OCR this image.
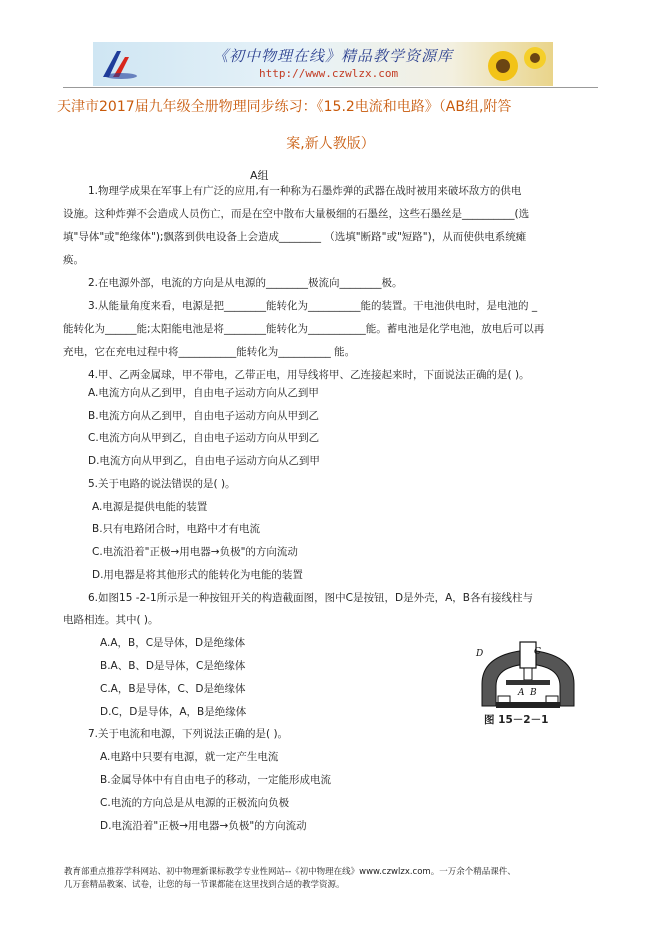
《初中物理在线》精品教学资源库
http://www.czwlzx.com
天津市2017届九年级全册物理同步练习：《15.2电流和电路》（AB组,附答
案,新人教版）
A组
1.物理学成果在军事上有广泛的应用,有一种称为石墨炸弹的武器在战时被用来破坏敌方的供电
设施。这种炸弹不会造成人员伤亡，而是在空中散布大量极细的石墨丝，这些石墨丝是__________(选
填"导体"或"绝缘体");飘落到供电设备上会造成________ （选填"断路"或"短路")，从而使供电系统瘫
痪。
2.在电源外部，电流的方向是从电源的________极流向________极。
3.从能量角度来看，电源是把________能转化为__________能的装置。干电池供电时，是电池的 _
能转化为______能;太阳能电池是将________能转化为___________能。蓄电池是化学电池，放电后可以再
充电，它在充电过程中将___________能转化为__________ 能。
4.甲、乙两金属球，甲不带电，乙带正电，用导线将甲、乙连接起来时，下面说法正确的是( )。
A.电流方向从乙到甲，自由电子运动方向从乙到甲
B.电流方向从乙到甲，自由电子运动方向从甲到乙
C.电流方向从甲到乙，自由电子运动方向从甲到乙
D.电流方向从甲到乙，自由电子运动方向从乙到甲
5.关于电路的说法错误的是( )。
A.电源是提供电能的装置
B.只有电路闭合时，电路中才有电流
C.电流沿着"正极→用电器→负极"的方向流动
D.用电器是将其他形式的能转化为电能的装置
6.如图15 -2-1所示是一种按钮开关的构造截面图，图中C是按钮，D是外壳，A，B各有接线柱与
电路相连。其中( )。
A.A，B，C是导体，D是绝缘体
B.A、B、D是导体，C是绝缘体
C.A，B是导体，C、D是绝缘体
D.C，D是导体，A，B是绝缘体
7.关于电流和电源，下列说法正确的是( )。
A.电路中只要有电源，就一定产生电流
B.金属导体中有自由电子的移动，一定能形成电流
C.电流的方向总是从电源的正极流向负极
D.电流沿着"正极→用电器→负极"的方向流动
D	C
A B
图 15－2－1
教育部重点推荐学科网站、初中物理新课标教学专业性网站--《初中物理在线》www.czwlzx.com。一万余个精品课件、
几万套精品教案、试卷，让您的每一节课都能在这里找到合适的教学资源。
